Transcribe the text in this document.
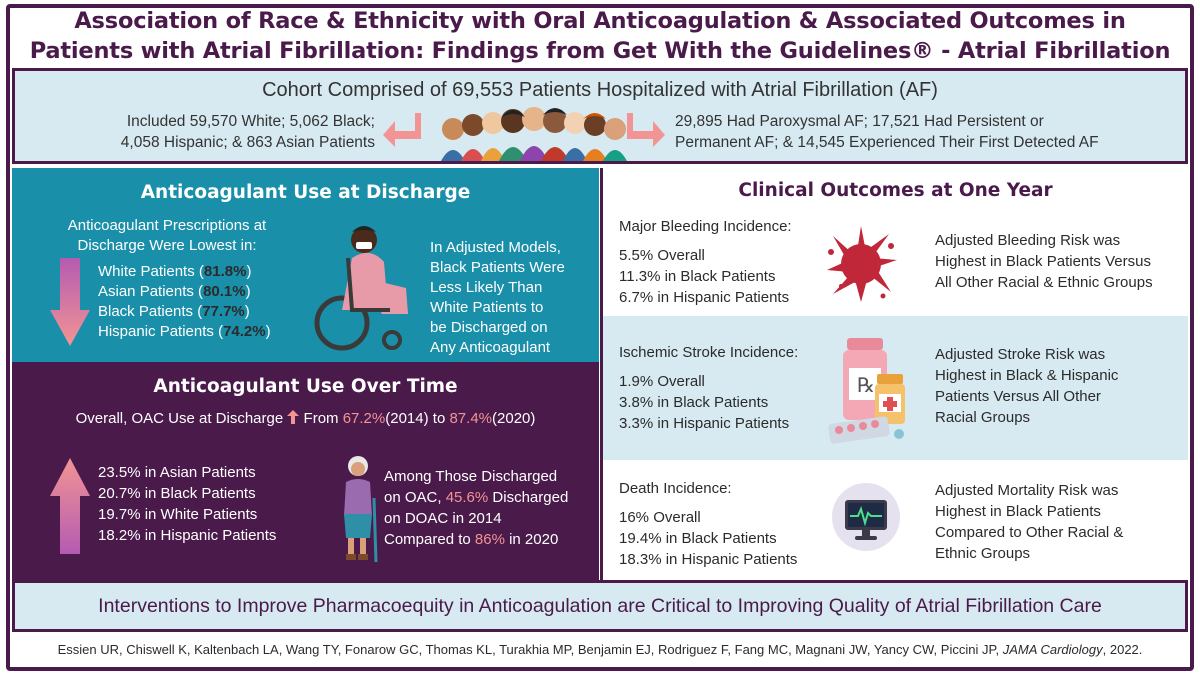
Association of Race & Ethnicity with Oral Anticoagulation & Associated Outcomes in
Patients with Atrial Fibrillation: Findings from Get With the Guidelines® - Atrial Fibrillation
Cohort Comprised of 69,553 Patients Hospitalized with Atrial Fibrillation (AF)
Included 59,570 White; 5,062 Black;
4,058 Hispanic; & 863 Asian Patients
29,895 Had Paroxysmal AF; 17,521 Had Persistent or
Permanent AF; & 14,545 Experienced Their First Detected AF
Anticoagulant Use at Discharge
Anticoagulant Prescriptions at
Discharge Were Lowest in:
White Patients (81.8%)
Asian Patients (80.1%)
Black Patients (77.7%)
Hispanic Patients (74.2%)
In Adjusted Models,
Black Patients Were
Less Likely Than
White Patients to
be Discharged on
Any Anticoagulant
Anticoagulant Use Over Time
Overall, OAC Use at Discharge From 67.2%(2014) to 87.4%(2020)
23.5% in Asian Patients
20.7% in Black Patients
19.7% in White Patients
18.2% in Hispanic Patients
Among Those Discharged
on OAC, 45.6% Discharged
on DOAC in 2014
Compared to 86% in 2020
Clinical Outcomes at One Year
Major Bleeding Incidence:
5.5% Overall
11.3% in Black Patients
6.7% in Hispanic Patients
Adjusted Bleeding Risk was
Highest in Black Patients Versus
All Other Racial & Ethnic Groups
Ischemic Stroke Incidence:
1.9% Overall
3.8% in Black Patients
3.3% in Hispanic Patients
℞
Adjusted Stroke Risk was
Highest in Black & Hispanic
Patients Versus All Other
Racial Groups
Death Incidence:
16% Overall
19.4% in Black Patients
18.3% in Hispanic Patients
Adjusted Mortality Risk was
Highest in Black Patients
Compared to Other Racial &
Ethnic Groups
Interventions to Improve Pharmacoequity in Anticoagulation are Critical to Improving Quality of Atrial Fibrillation Care
Essien UR, Chiswell K, Kaltenbach LA, Wang TY, Fonarow GC, Thomas KL, Turakhia MP, Benjamin EJ, Rodriguez F, Fang MC, Magnani JW, Yancy CW, Piccini JP, JAMA Cardiology, 2022.
